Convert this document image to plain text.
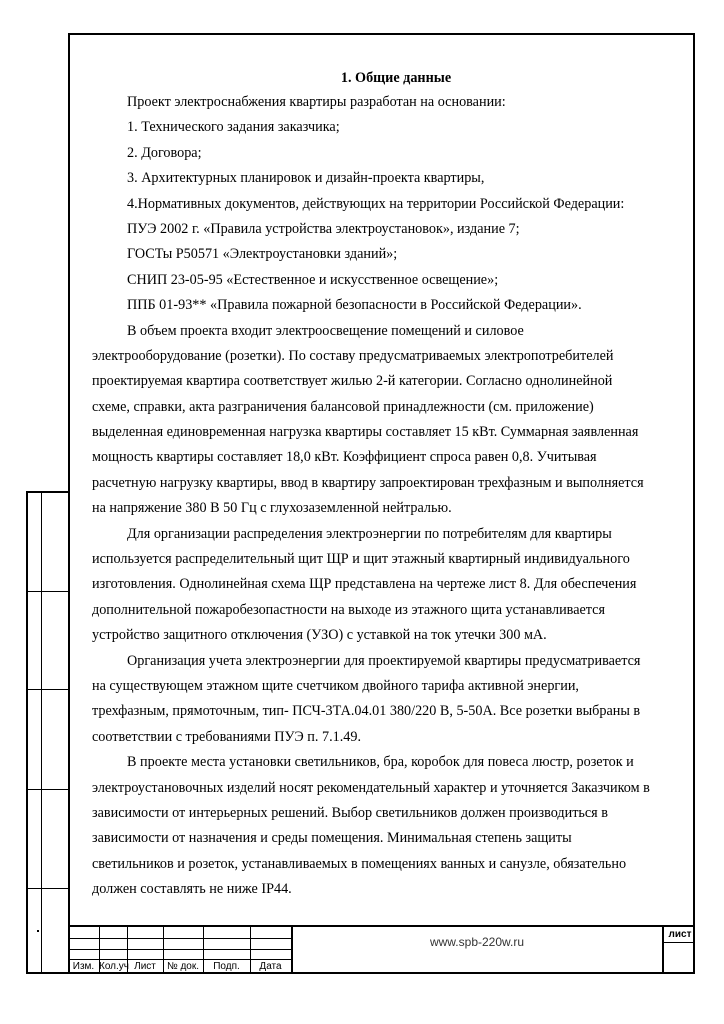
1. Общие данные
Проект электроснабжения квартиры разработан на основании:
1. Технического задания заказчика;
2. Договора;
3. Архитектурных планировок и дизайн-проекта квартиры,
4.Нормативных документов, действующих на территории Российской Федерации:
ПУЭ 2002 г. «Правила устройства электроустановок», издание 7;
ГОСТы Р50571 «Электроустановки зданий»;
СНИП 23-05-95 «Естественное и искусственное освещение»;
ППБ 01-93** «Правила пожарной безопасности в Российской Федерации».
В объем проекта входит электроосвещение помещений и силовое
электрооборудование (розетки). По составу предусматриваемых электропотребителей
проектируемая квартира соответствует жилью 2-й категории. Согласно однолинейной
схеме, справки, акта разграничения балансовой принадлежности (см. приложение)
выделенная единовременная нагрузка квартиры составляет 15 кВт. Суммарная заявленная
мощность квартиры составляет 18,0 кВт. Коэффициент спроса равен 0,8. Учитывая
расчетную нагрузку квартиры, ввод в квартиру запроектирован трехфазным и выполняется
на напряжение 380 В 50 Гц с глухозаземленной нейтралью.
Для организации распределения электроэнергии по потребителям для квартиры
используется распределительный щит ЩР и щит этажный квартирный индивидуального
изготовления. Однолинейная схема ЩР представлена на чертеже лист 8. Для обеспечения
дополнительной пожаробезопастности на выходе из этажного щита устанавливается
устройство защитного отключения (УЗО) с уставкой на ток утечки 300 мА.
Организация учета электроэнергии для проектируемой квартиры предусматривается
на существующем этажном щите счетчиком двойного тарифа активной энергии,
трехфазным, прямоточным, тип- ПСЧ-3ТА.04.01 380/220 В, 5-50А. Все розетки выбраны в
соответствии с требованиями ПУЭ п. 7.1.49.
В проекте места установки светильников, бра, коробок для повеса люстр, розеток и
электроустановочных изделий носят рекомендательный характер и уточняется Заказчиком в
зависимости от интерьерных решений. Выбор светильников должен производиться в
зависимости от назначения и среды помещения. Минимальная степень защиты
светильников и розеток, устанавливаемых в помещениях ванных и санузле, обязательно
должен составлять не ниже IP44.
Изм. Кол.уч Лист	№ док.	Подп.	Дата
www.spb-220w.ru
лист
